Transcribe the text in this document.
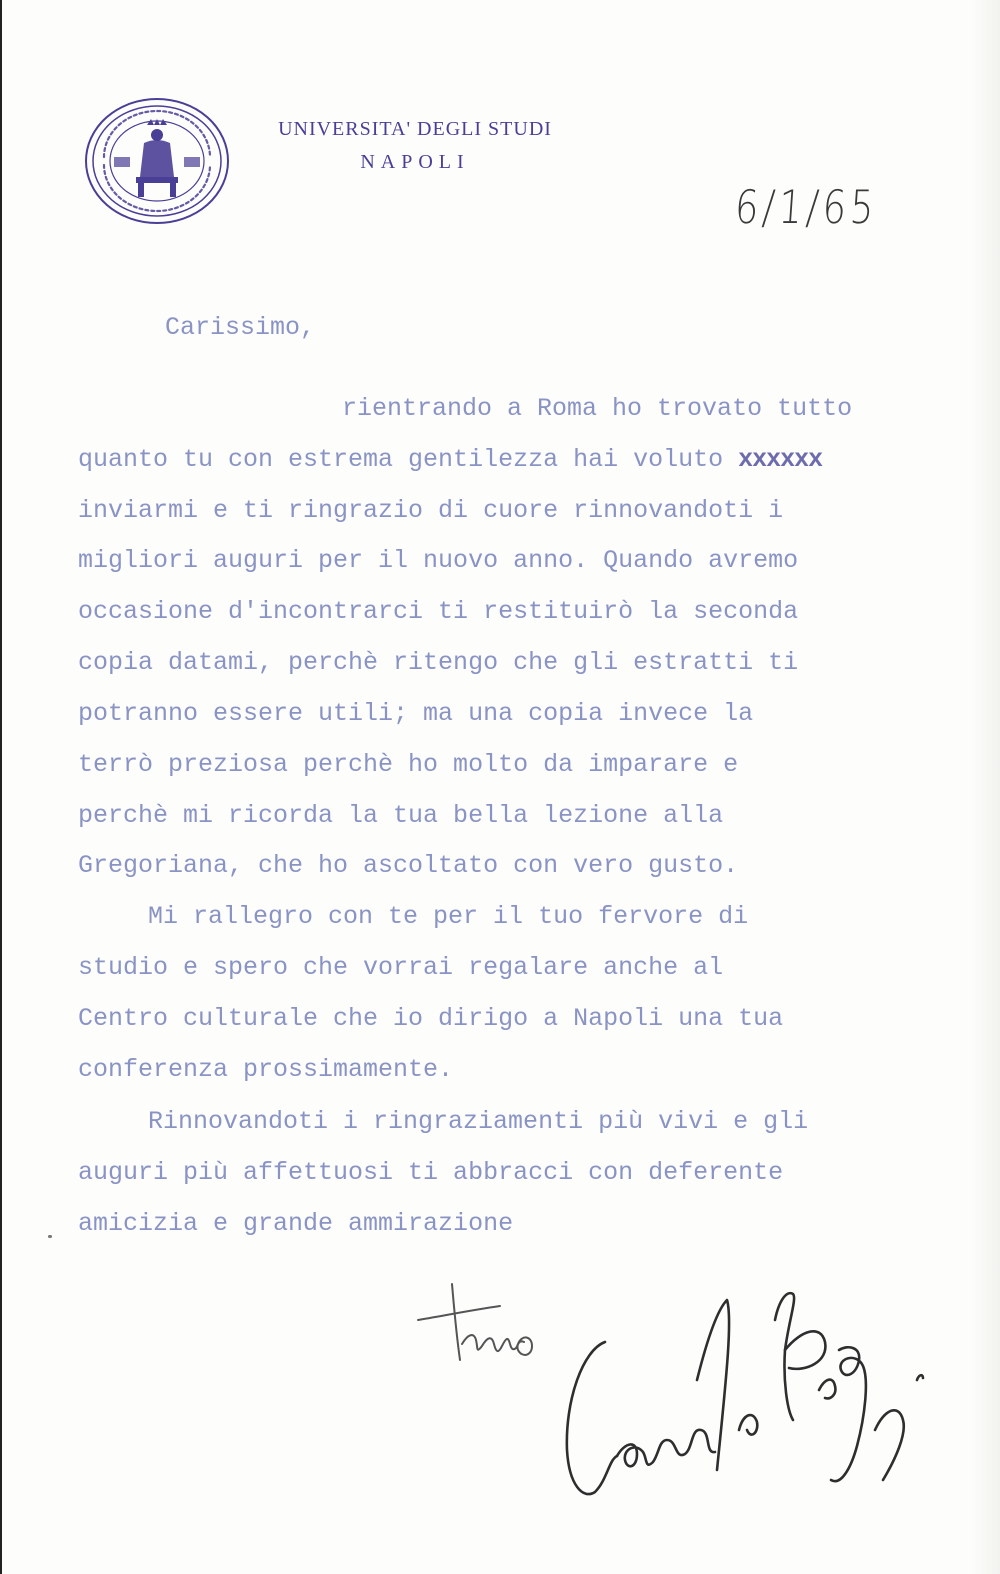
UNIVERSITA' DEGLI STUDI
NAPOLI
6/1/65
Carissimo,
rientrando a Roma ho trovato tutto
quanto tu con estrema gentilezza hai voluto xxxxxx
inviarmi e ti ringrazio di cuore rinnovandoti i
migliori auguri per il nuovo anno. Quando avremo
occasione d'incontrarci ti restituirò la seconda
copia datami, perchè ritengo che gli estratti ti
potranno essere utili; ma una copia invece la
terrò preziosa perchè ho molto da imparare e
perchè mi ricorda la tua bella lezione alla
Gregoriana, che ho ascoltato con vero gusto.
Mi rallegro con te per il tuo fervore di
studio e spero che vorrai regalare anche al
Centro culturale che io dirigo a Napoli una tua
conferenza prossimamente.
Rinnovandoti i ringraziamenti più vivi e gli
auguri più affettuosi ti abbracci con deferente
amicizia e grande ammirazione
